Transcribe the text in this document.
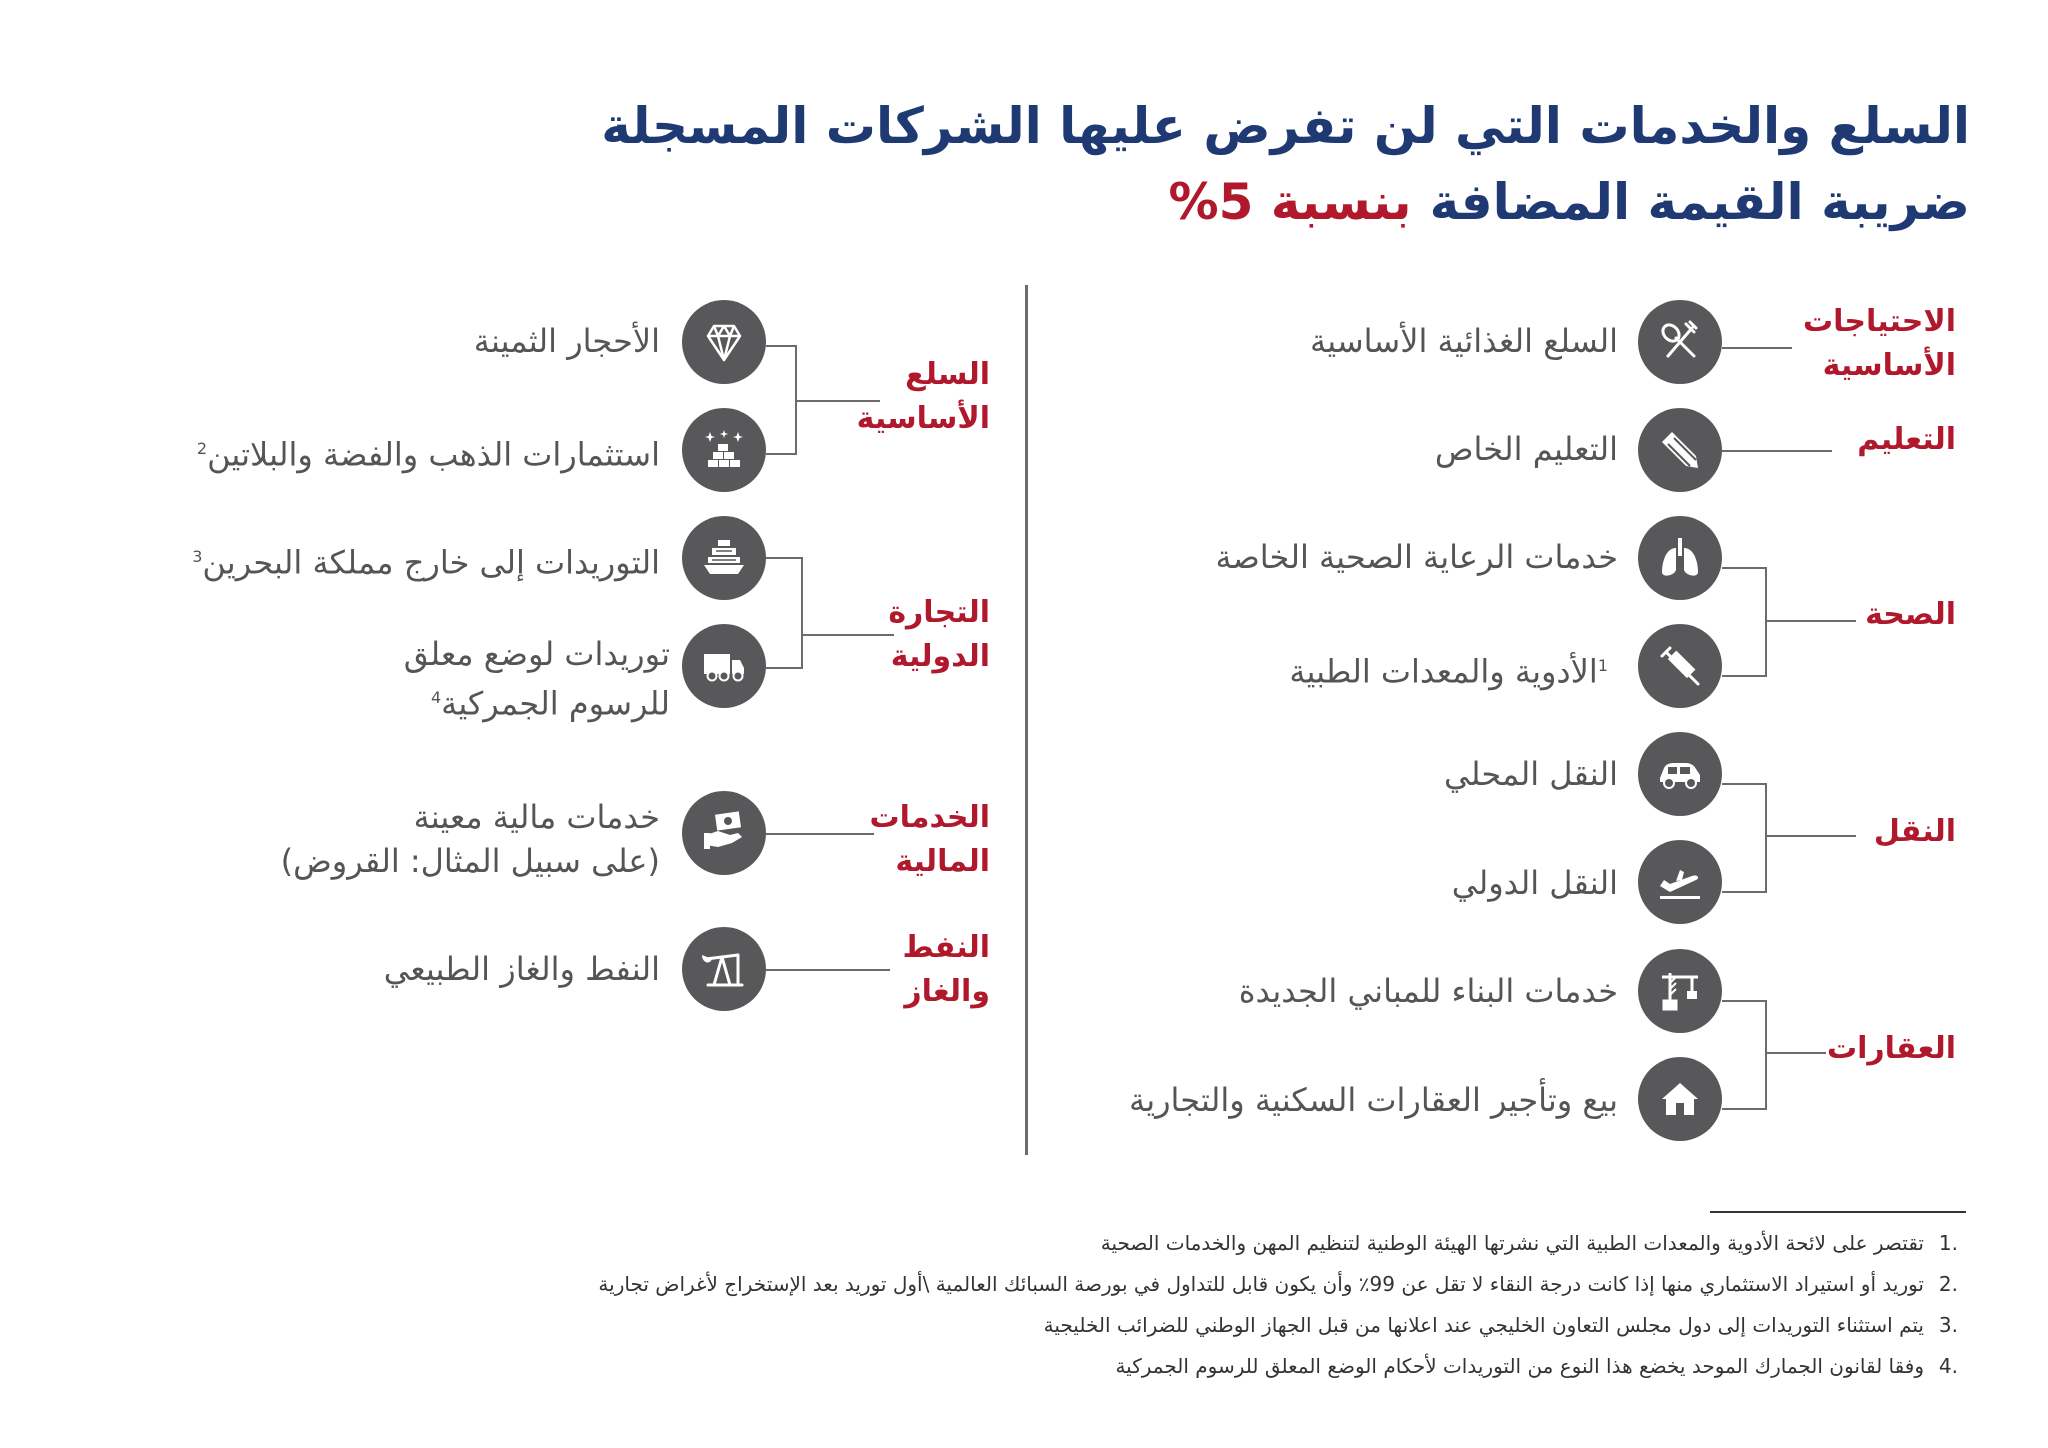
السلع والخدمات التي لن تفرض عليها الشركات المسجلة
ضريبة القيمة المضافةبنسبة 5%
السلع الغذائية الأساسية
التعليم الخاص
خدمات الرعاية الصحية الخاصة
$^1$الأدوية والمعدات الطبية
النقل المحلي
النقل الدولي
خدمات البناء للمباني الجديدة
بيع وتأجير العقارات السكنية والتجارية
الاحتياجات
الأساسية
التعليم
الصحة
النقل
العقارات
الأحجار الثمينة
استثمارات الذهب والفضة والبلاتين$^2$
التوريدات إلى خارج مملكة البحرين$^3$
توريدات لوضع معلق
للرسوم الجمركية$^4$
خدمات مالية معينة
(على سبيل المثال: القروض)
النفط والغاز الطبيعي
السلع
الأساسية
التجارة
الدولية
الخدمات
المالية
النفط
والغاز
.1تقتصر على لائحة الأدوية والمعدات الطبية التي نشرتها الهيئة الوطنية لتنظيم المهن والخدمات الصحية
.2توريد أو استيراد الاستثماري منها إذا كانت درجة النقاء لا تقل عن 99٪ وأن يكون قابل للتداول في بورصة السبائك العالمية \أول توريد بعد الإستخراج لأغراض تجارية
.3يتم استثناء التوريدات إلى دول مجلس التعاون الخليجي عند اعلانها من قبل الجهاز الوطني للضرائب الخليجية
.4وفقا لقانون الجمارك الموحد يخضع هذا النوع من التوريدات لأحكام الوضع المعلق للرسوم الجمركية
